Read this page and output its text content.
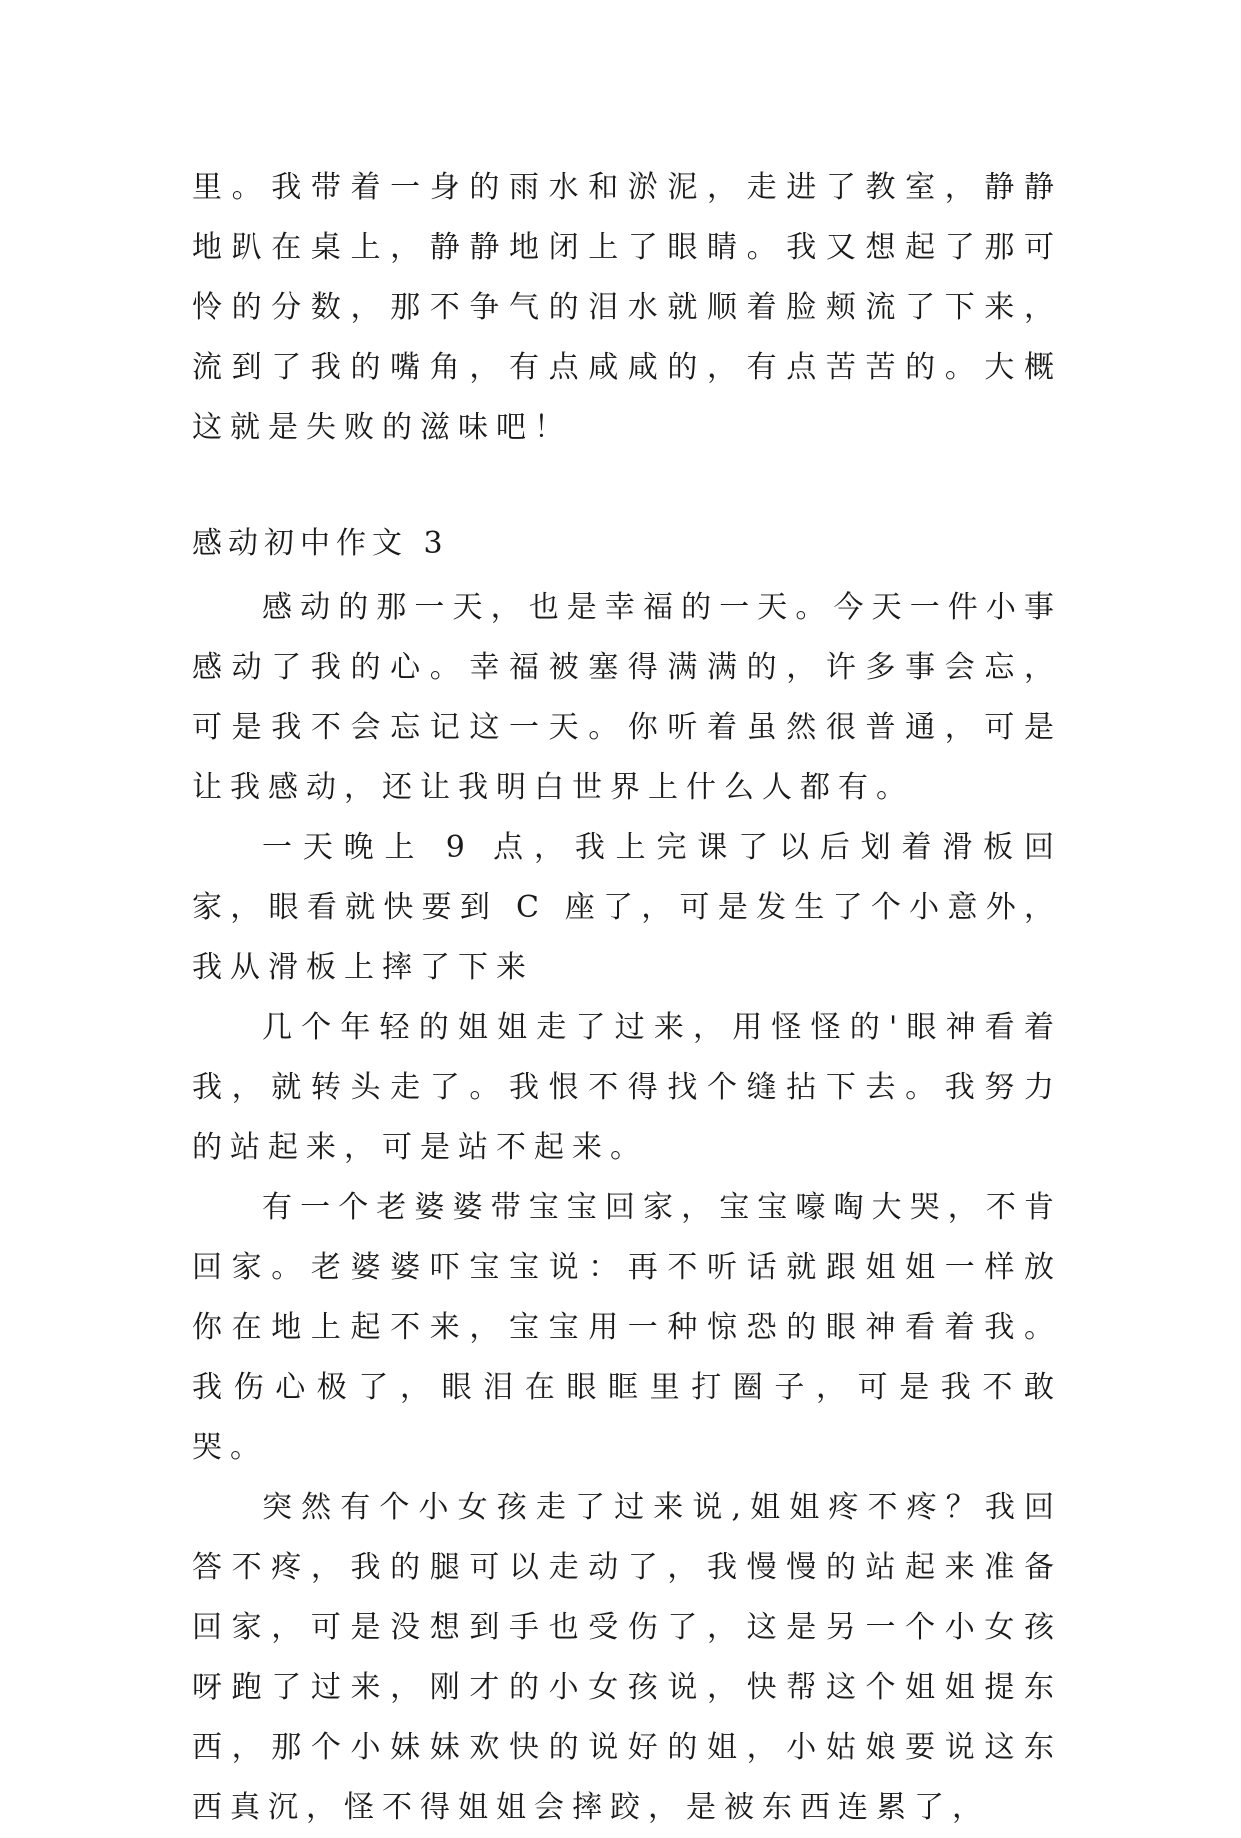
里。我带着一身的雨水和淤泥，走进了教室，静静地趴在桌上，静静地闭上了眼睛。我又想起了那可怜的分数，那不争气的泪水就顺着脸颊流了下来，流到了我的嘴角，有点咸咸的，有点苦苦的。大概这就是失败的滋味吧！

感动初中作文 3

感动的那一天，也是幸福的一天。今天一件小事感动了我的心。幸福被塞得满满的，许多事会忘，可是我不会忘记这一天。你听着虽然很普通，可是让我感动，还让我明白世界上什么人都有。

一天晚上 9 点，我上完课了以后划着滑板回家，眼看就快要到 C 座了，可是发生了个小意外，我从滑板上摔了下来

几个年轻的姐姐走了过来，用怪怪的'眼神看着我，就转头走了。我恨不得找个缝拈下去。我努力的站起来，可是站不起来。

有一个老婆婆带宝宝回家，宝宝嚎啕大哭，不肯回家。老婆婆吓宝宝说：再不听话就跟姐姐一样放你在地上起不来，宝宝用一种惊恐的眼神看着我。我伤心极了，眼泪在眼眶里打圈子，可是我不敢哭。

突然有个小女孩走了过来说,姐姐疼不疼？我回答不疼，我的腿可以走动了，我慢慢的站起来准备回家，可是没想到手也受伤了，这是另一个小女孩呀跑了过来，刚才的小女孩说，快帮这个姐姐提东西，那个小妹妹欢快的说好的姐，小姑娘要说这东西真沉，怪不得姐姐会摔跤，是被东西连累了，
